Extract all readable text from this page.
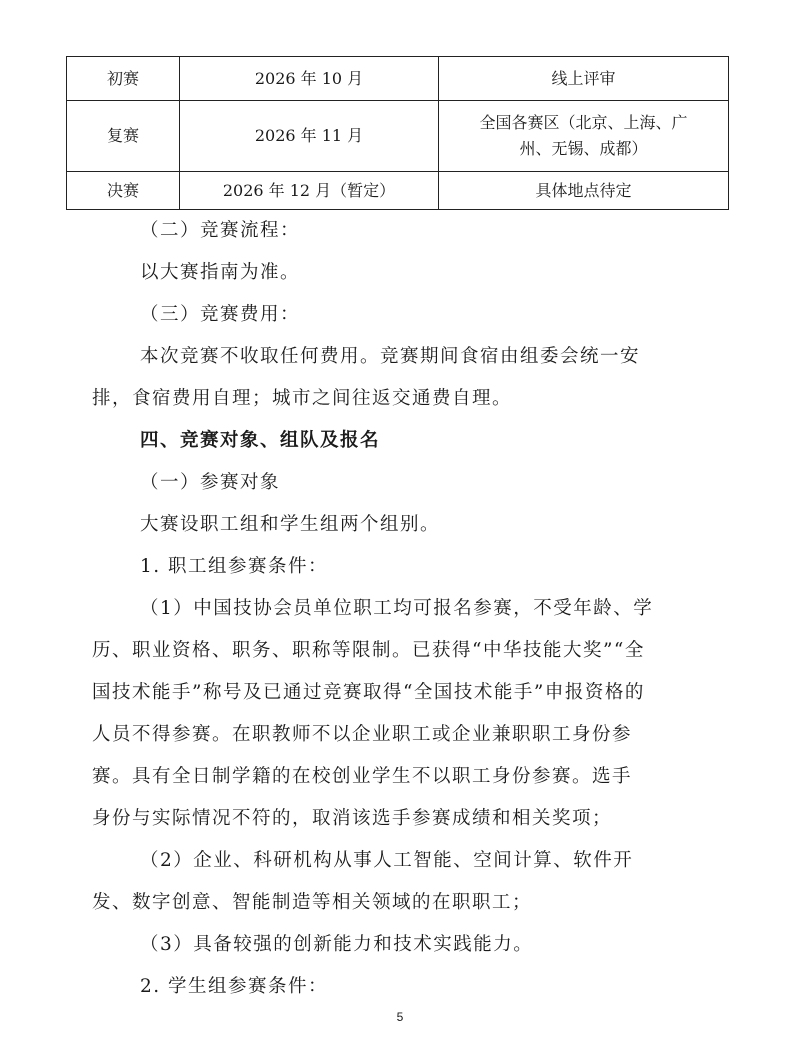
初赛	2026 年 10 月	线上评审
复赛	2026 年 11 月	全国各赛区（北京、上海、广
州、无锡、成都）

决赛	2026 年 12 月（暂定）	具体地点待定
（二）竞赛流程：
以大赛指南为准。
（三）竞赛费用：
本次竞赛不收取任何费用。竞赛期间食宿由组委会统一安
排，食宿费用自理；城市之间往返交通费自理。
四、竞赛对象、组队及报名
（一）参赛对象
大赛设职工组和学生组两个组别。
1. 职工组参赛条件：
（1）中国技协会员单位职工均可报名参赛，不受年龄、学
历、职业资格、职务、职称等限制。已获得“中华技能大奖”“全
国技术能手”称号及已通过竞赛取得“全国技术能手”申报资格的
人员不得参赛。在职教师不以企业职工或企业兼职职工身份参
赛。具有全日制学籍的在校创业学生不以职工身份参赛。选手
身份与实际情况不符的，取消该选手参赛成绩和相关奖项；
（2）企业、科研机构从事人工智能、空间计算、软件开
发、数字创意、智能制造等相关领域的在职职工；
（3）具备较强的创新能力和技术实践能力。
2. 学生组参赛条件：
5
